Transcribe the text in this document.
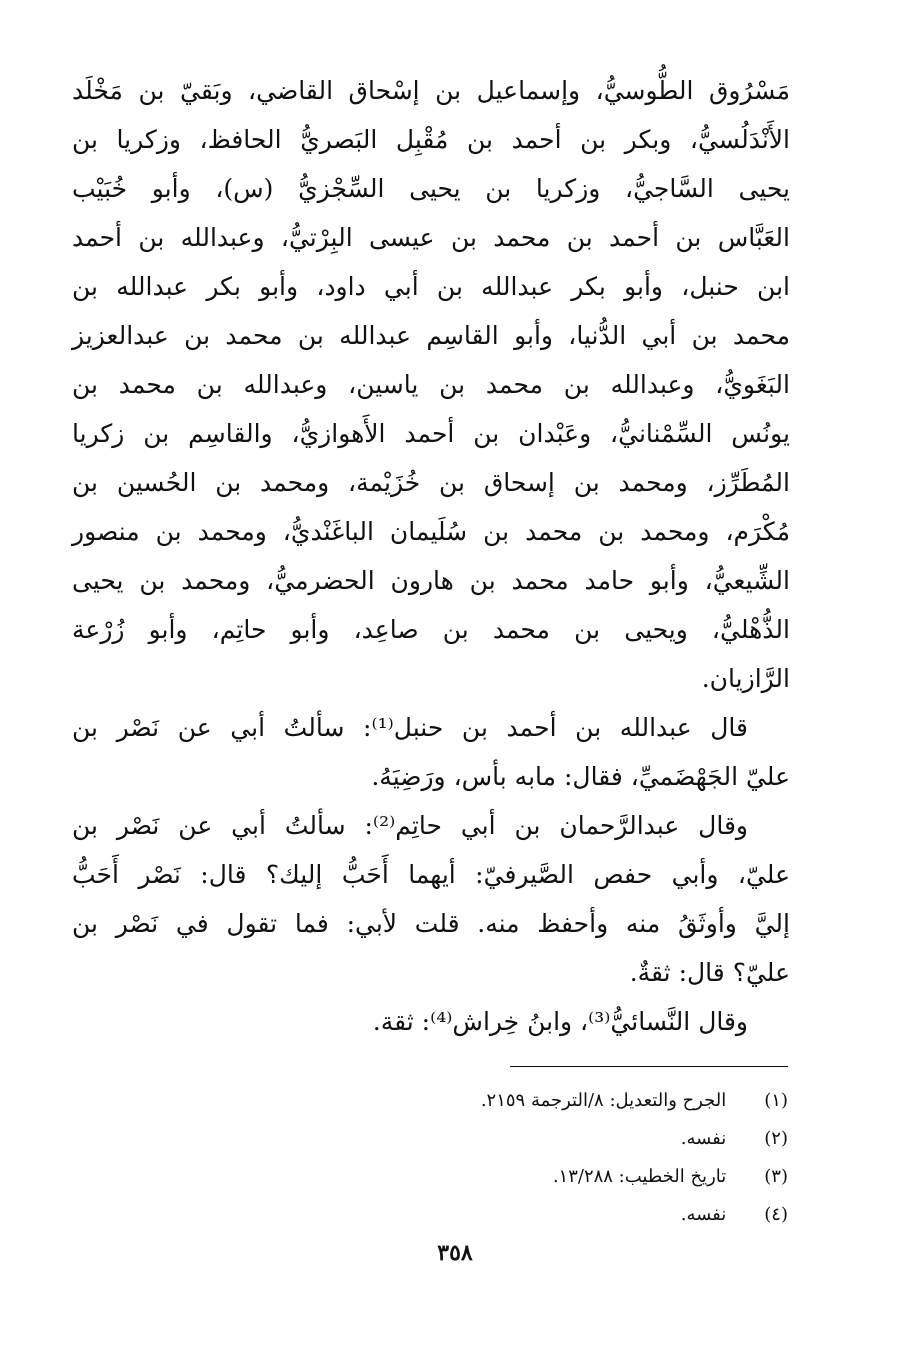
مَسْرُوق الطُّوسيُّ، وإسماعيل بن إسْحاق القاضي، وبَقيّ بن مَخْلَد
الأَنْدَلُسيُّ، وبكر بن أحمد بن مُقْبِل البَصريُّ الحافظ، وزكريا بن
يحيى السَّاجيُّ، وزكريا بن يحيى السِّجْزيُّ (س)، وأبو خُبَيْب
العَبَّاس بن أحمد بن محمد بن عيسى البِرْتيُّ، وعبدالله بن أحمد
ابن حنبل، وأبو بكر عبدالله بن أبي داود، وأبو بكر عبدالله بن
محمد بن أبي الدُّنيا، وأبو القاسِم عبدالله بن محمد بن عبدالعزيز
البَغَويُّ، وعبدالله بن محمد بن ياسين، وعبدالله بن محمد بن
يونُس السِّمْنانيُّ، وعَبْدان بن أحمد الأَهوازيُّ، والقاسِم بن زكريا
المُطَرِّز، ومحمد بن إسحاق بن خُزَيْمة، ومحمد بن الحُسين بن
مُكْرَم، ومحمد بن محمد بن سُلَيمان الباغَنْديُّ، ومحمد بن منصور
الشِّيعيُّ، وأبو حامد محمد بن هارون الحضرميُّ، ومحمد بن يحيى
الذُّهْليُّ، ويحيى بن محمد بن صاعِد، وأبو حاتِم، وأبو زُرْعة
الرَّازيان.
قال عبدالله بن أحمد بن حنبل⁽¹⁾: سألتُ أبي عن نَصْر بن
عليّ الجَهْضَميِّ، فقال: مابه بأس، ورَضِيَهُ.
وقال عبدالرَّحمان بن أبي حاتِم⁽²⁾: سألتُ أبي عن نَصْر بن
عليّ، وأبي حفص الصَّيرفيّ: أيهما أَحَبُّ إليك؟ قال: نَصْر أَحَبُّ
إليَّ وأوثَقُ منه وأحفظ منه. قلت لأبي: فما تقول في نَصْر بن
عليّ؟ قال: ثقةٌ.
وقال النَّسائيُّ⁽³⁾، وابنُ خِراش⁽⁴⁾: ثقة.
(١) الجرح والتعديل: ٨/الترجمة ٢١٥٩.
(٢) نفسه.
(٣) تاريخ الخطيب: ١٣/٢٨٨.
(٤) نفسه.
٣٥٨
